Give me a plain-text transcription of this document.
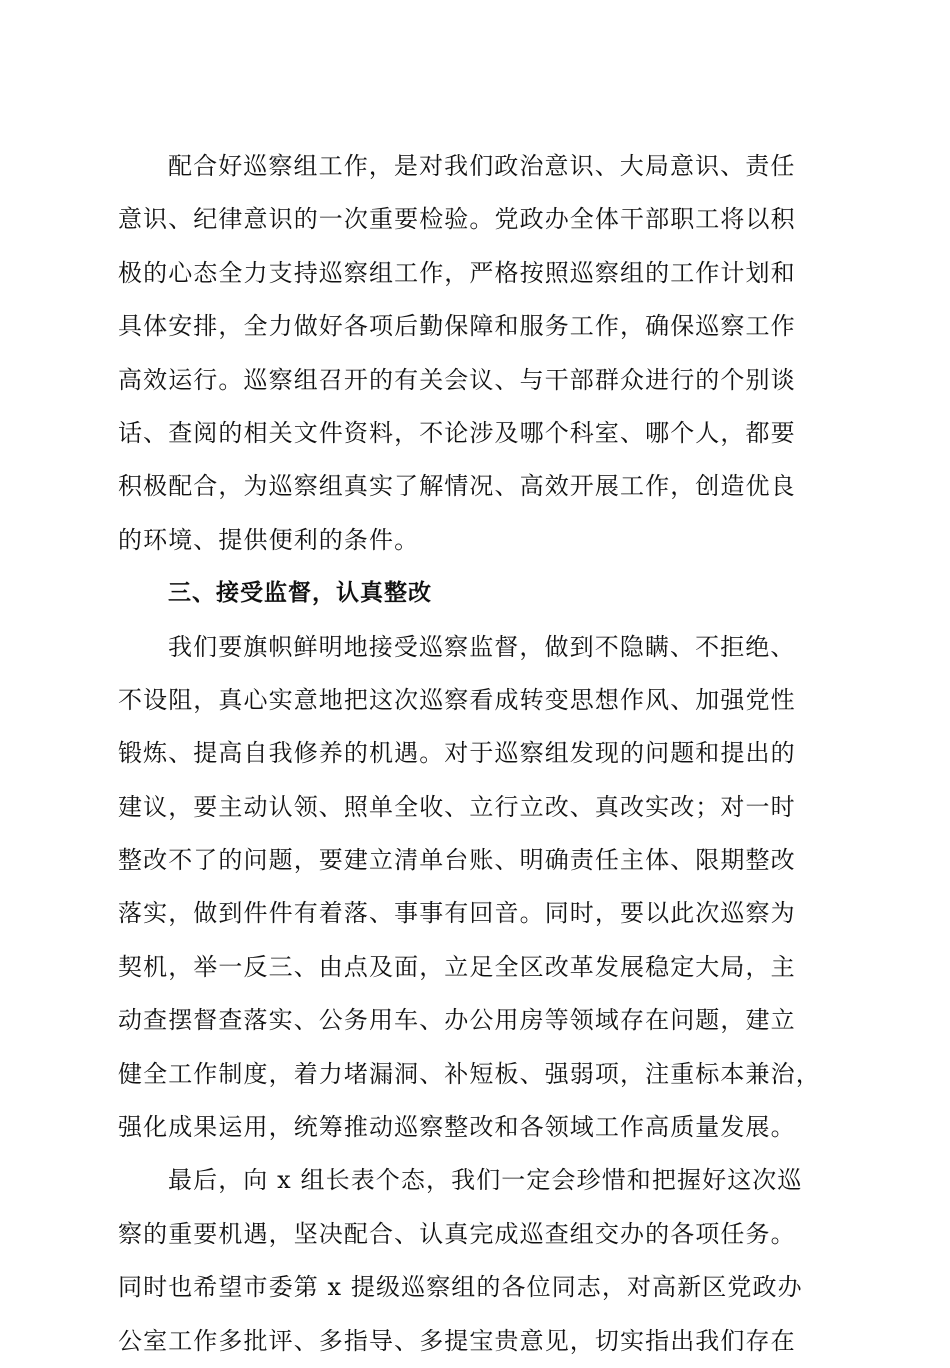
配合好巡察组工作，是对我们政治意识、大局意识、责任
意识、纪律意识的一次重要检验。党政办全体干部职工将以积
极的心态全力支持巡察组工作，严格按照巡察组的工作计划和
具体安排，全力做好各项后勤保障和服务工作，确保巡察工作
高效运行。巡察组召开的有关会议、与干部群众进行的个别谈
话、查阅的相关文件资料，不论涉及哪个科室、哪个人，都要
积极配合，为巡察组真实了解情况、高效开展工作，创造优良
的环境、提供便利的条件。
三、接受监督，认真整改
我们要旗帜鲜明地接受巡察监督，做到不隐瞒、不拒绝、
不设阻，真心实意地把这次巡察看成转变思想作风、加强党性
锻炼、提高自我修养的机遇。对于巡察组发现的问题和提出的
建议，要主动认领、照单全收、立行立改、真改实改；对一时
整改不了的问题，要建立清单台账、明确责任主体、限期整改
落实，做到件件有着落、事事有回音。同时，要以此次巡察为
契机，举一反三、由点及面，立足全区改革发展稳定大局，主
动查摆督查落实、公务用车、办公用房等领域存在问题，建立
健全工作制度，着力堵漏洞、补短板、强弱项，注重标本兼治，
强化成果运用，统筹推动巡察整改和各领域工作高质量发展。
最后，向 x 组长表个态，我们一定会珍惜和把握好这次巡
察的重要机遇，坚决配合、认真完成巡查组交办的各项任务。
同时也希望市委第 x 提级巡察组的各位同志，对高新区党政办
公室工作多批评、多指导、多提宝贵意见，切实指出我们存在
